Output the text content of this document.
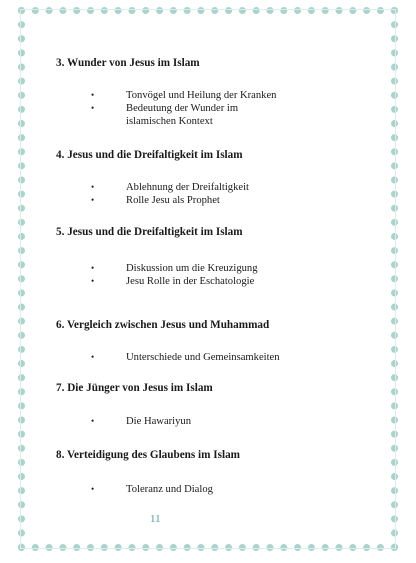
3. Wunder von Jesus im Islam
•	Tonvögel und Heilung der Kranken
•	Bedeutung der Wunder im islamischen Kontext
4. Jesus und die Dreifaltigkeit im Islam
•	Ablehnung der Dreifaltigkeit
•	Rolle Jesu als Prophet
5. Jesus und die Dreifaltigkeit im Islam
•	Diskussion um die Kreuzigung
•	Jesu Rolle in der Eschatologie
6. Vergleich zwischen Jesus und Muhammad
•	Unterschiede und Gemeinsamkeiten
7. Die Jünger von Jesus im Islam
•	Die Hawariyun
8. Verteidigung des Glaubens im Islam
•	Toleranz und Dialog
11
